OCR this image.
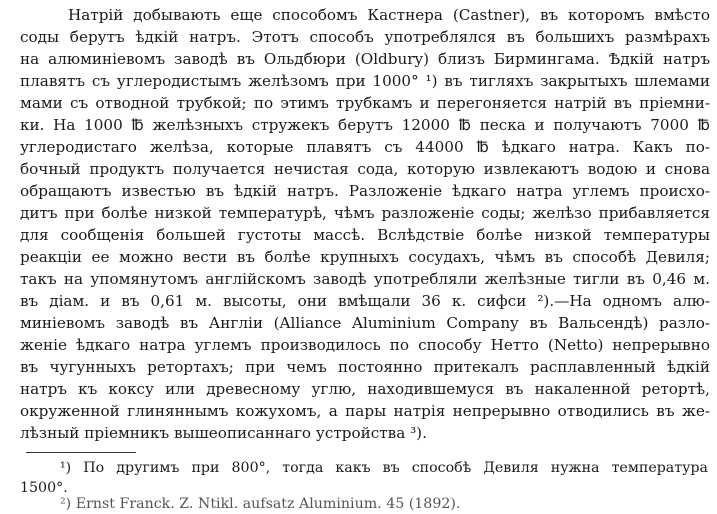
Натрій добывають еще способомъ Кастнера (Castner), въ которомъ вмѣсто
соды берутъ ѣдкій натръ. Этотъ способъ употреблялся въ большихъ размѣрахъ
на алюминіевомъ заводѣ въ Ольдбюри (Oldbury) близъ Бирмингама. Ѣдкій натръ
плавятъ съ углеродистымъ желѣзомъ при 1000° ¹) въ тигляхъ закрытыхъ шлемами
мами съ отводной трубкой; по этимъ трубкамъ и перегоняется натрій въ пріемни-
ки. На 1000 ℔ желѣзныхъ стружекъ берутъ 12000 ℔ песка и получаютъ 7000 ℔
углеродистаго желѣза, которые плавятъ съ 44000 ℔ ѣдкаго натра. Какъ по-
бочный продуктъ получается нечистая сода, которую извлекаютъ водою и снова
обращаютъ известью въ ѣдкій натръ. Разложеніе ѣдкаго натра углемъ происхо-
дитъ при болѣе низкой температурѣ, чѣмъ разложеніе соды; желѣзо прибавляется
для сообщенія большей густоты массѣ. Вслѣдствіе болѣе низкой температуры
реакціи ее можно вести въ болѣе крупныхъ сосудахъ, чѣмъ въ способѣ Девиля;
такъ на упомянутомъ англійскомъ заводѣ употребляли желѣзные тигли въ 0,46 м.
въ діам. и въ 0,61 м. высоты, они вмѣщали 36 к. сифси ²).—На одномъ алю-
миніевомъ заводѣ въ Англіи (Alliance Aluminium Company въ Вальсендѣ) разло-
женіе ѣдкаго натра углемъ производилось по способу Нетто (Netto) непрерывно
въ чугунныхъ ретортахъ; при чемъ постоянно притекалъ расплавленный ѣдкій
натръ къ коксу или древесному углю, находившемуся въ накаленной ретортѣ,
окруженной глиняннымъ кожухомъ, а пары натрія непрерывно отводились въ же-
лѣзный пріемникъ вышеописаннаго устройства ³).
¹) По другимъ при 800°, тогда какъ въ способѣ Девиля нужна температура
1500°.
²) Ernst Franck. Z. Ntikl. aufsatz Aluminium. 45 (1892).
